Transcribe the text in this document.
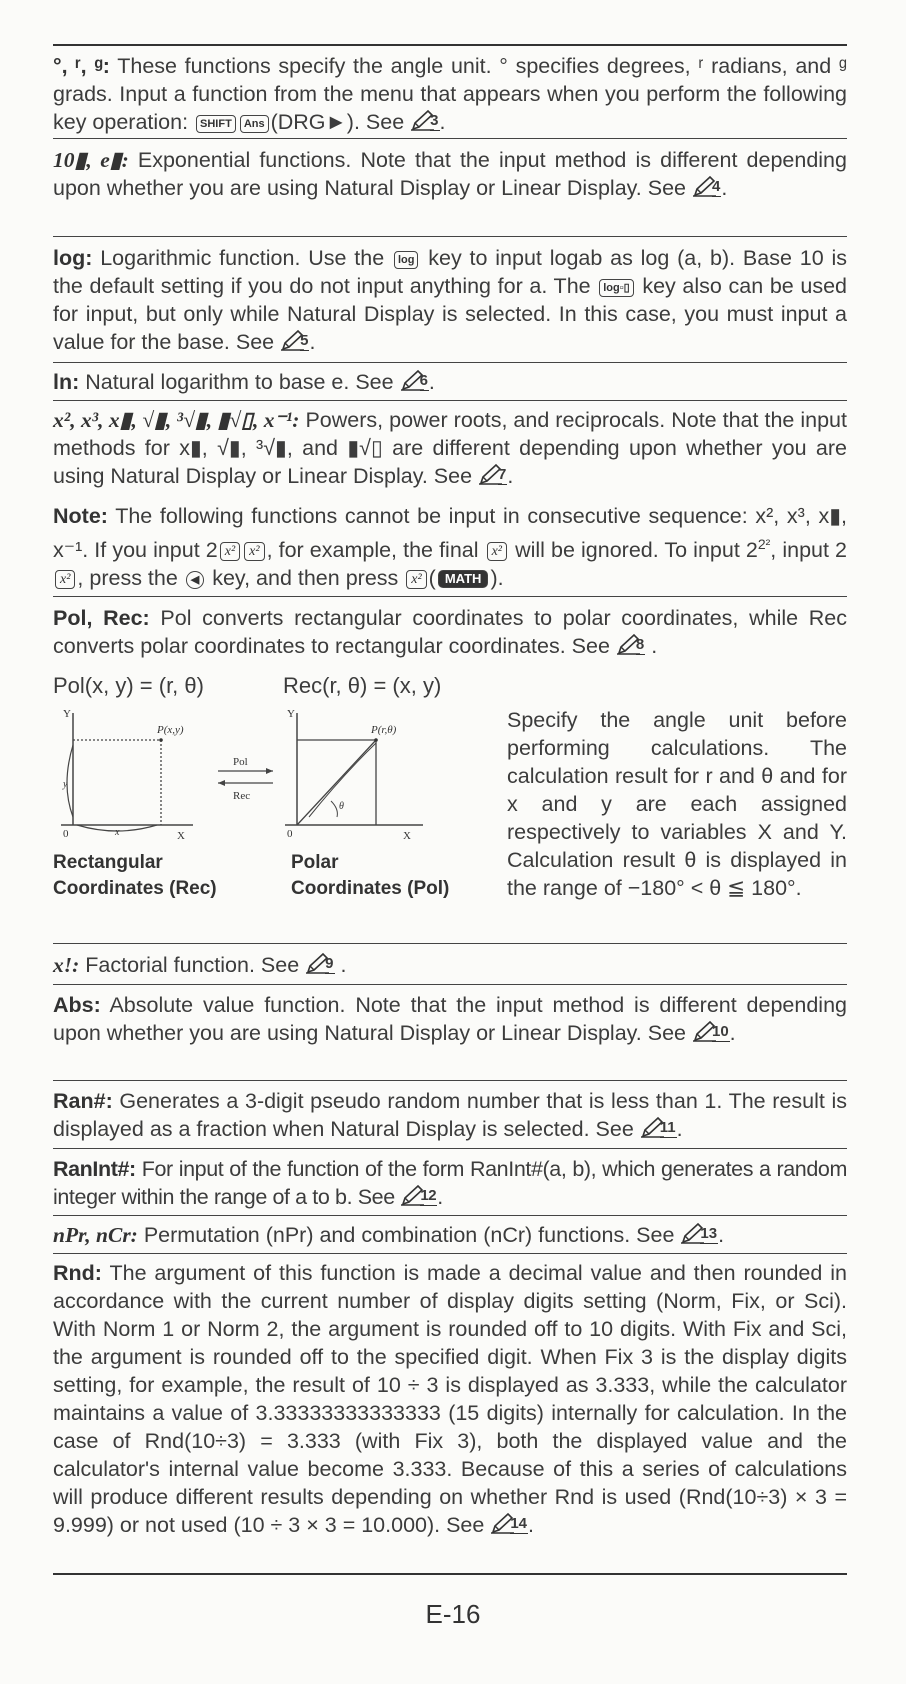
°, ʳ, ᵍ: These functions specify the angle unit. ° specifies degrees, ʳ radians, and ᵍ grads. Input a function from the menu that appears when you perform the following key operation: SHIFT Ans (DRG►). See 3 .
10▮, e▮: Exponential functions. Note that the input method is different depending upon whether you are using Natural Display or Linear Display. See 4 .
log: Logarithmic function. Use the log key to input logab as log (a, b). Base 10 is the default setting if you do not input anything for a. The log▫▯ key also can be used for input, but only while Natural Display is selected. In this case, you must input a value for the base. See 5 .
ln: Natural logarithm to base e. See 6 .
x², x³, x▮, √▮, ³√▮, ▮√▯, x⁻¹: Powers, power roots, and reciprocals. Note that the input methods for x▮, √▮, ³√▮, and ▮√▯ are different depending upon whether you are using Natural Display or Linear Display. See 7 .
Note: The following functions cannot be input in consecutive sequence: x², x³, x▮, x⁻¹. If you input 2 x² x² , for example, the final x² will be ignored. To input $2^{2^2}$, input 2x² , press the ◀ key, and then press x² ( MATH ).
Pol, Rec: Pol converts rectangular coordinates to polar coordinates, while Rec converts polar coordinates to rectangular coordinates. See 8 .
Pol(x, y) = (r, θ)	Rec(r, θ) = (x, y)
Y
X
0
P(x,y)
x
y
Pol
Rec
Y
X
0
P(r,θ)
θ
Rectangular
Coordinates (Rec)
Polar
Coordinates (Pol)
Specify the angle unit before performing calculations. The calculation result for r and θ and for x and y are each assigned respectively to variables X and Y. Calculation result θ is displayed in the range of −180° < θ ≦ 180°.
x!: Factorial function. See 9 .
Abs: Absolute value function. Note that the input method is different depending upon whether you are using Natural Display or Linear Display. See 10 .
Ran#: Generates a 3-digit pseudo random number that is less than 1. The result is displayed as a fraction when Natural Display is selected. See 11 .
RanInt#: For input of the function of the form RanInt#(a, b), which generates a random integer within the range of a to b. See 12 .
nPr, nCr: Permutation (nPr) and combination (nCr) functions. See 13 .
Rnd: The argument of this function is made a decimal value and then rounded in accordance with the current number of display digits setting (Norm, Fix, or Sci). With Norm 1 or Norm 2, the argument is rounded off to 10 digits. With Fix and Sci, the argument is rounded off to the specified digit. When Fix 3 is the display digits setting, for example, the result of 10 ÷ 3 is displayed as 3.333, while the calculator maintains a value of 3.33333333333333 (15 digits) internally for calculation. In the case of Rnd(10÷3) = 3.333 (with Fix 3), both the displayed value and the calculator's internal value become 3.333. Because of this a series of calculations will produce different results depending on whether Rnd is used (Rnd(10÷3) × 3 = 9.999) or not used (10 ÷ 3 × 3 = 10.000). See 14 .
E-16
